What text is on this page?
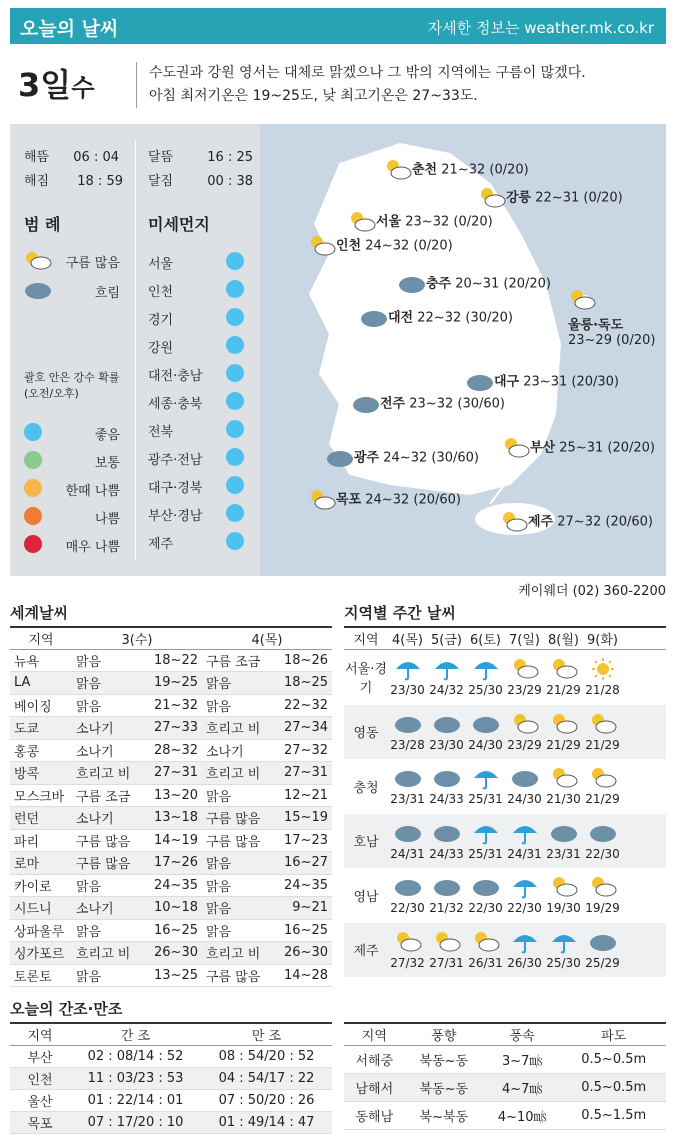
오늘의 날씨	자세한 정보는 weather.mk.co.kr
3일수
수도권과 강원 영서는 대체로 맑겠으나 그 밖의 지역에는 구름이 많겠다.
아침 최저기온은 19~25도, 낮 최고기온은 27~33도.
해뜸 06 : 04
해짐 18 : 59
달뜸	16 : 25
달짐	00 : 38
범 례
구름 많음
흐림
괄호 안은 강수 확률
(오전/오후)
좋음
보통
한때 나쁨
나쁨
매우 나쁨
미세먼지
서울
인천
경기
강원
대전·충남
세종·충북
전북
광주·전남
대구·경북
부산·경남
제주
춘천 21~32 (0/20)
강릉 22~31 (0/20)
서울 23~32 (0/20)
인천 24~32 (0/20)
충주 20~31 (20/20)
울릉·독도
23~29 (0/20)
대전 22~32 (30/20)
대구 23~31 (20/30)
전주 23~32 (30/60)
부산 25~31 (20/20)
광주 24~32 (30/60)
목포 24~32 (20/60)
제주 27~32 (20/60)
케이웨더 (02) 360-2200
세계날씨
지역	3(수)		4(목)	
뉴욕	맑음	18~22	구름 조금	18~26
LA	맑음	19~25	맑음	18~25
베이징	맑음	21~32	맑음	22~32
도쿄	소나기	27~33	흐리고 비	27~34
홍콩	소나기	28~32	소나기	27~32
방콕	흐리고 비	27~31	흐리고 비	27~31
모스크바	구름 조금	13~20	맑음	12~21
런던	소나기	13~18	구름 많음	15~19
파리	구름 많음	14~19	구름 많음	17~23
로마	구름 많음	17~26	맑음	16~27
카이로	맑음	24~35	맑음	24~35
시드니	소나기	10~18	맑음	9~21
상파울루	맑음	16~25	맑음	16~25
싱가포르	흐리고 비	26~30	흐리고 비	26~30
토론토	맑음	13~25	구름 많음	14~28
지역별 주간 날씨
지역	4(목) 5(금) 6(토) 7(일) 8(월) 9(화)
서울·경기	23/30 24/32 25/30 23/29 21/29 21/28
영동
23/28 23/30 24/30 23/29 21/29 21/29
충청
23/31 24/33 25/31 24/30 21/30 21/29
호남
24/31 24/33 25/31 24/31 23/31 22/30
영남
22/30 21/32 22/30 22/30 19/30 19/29
제주
27/32 27/31 26/31 26/30 25/30 25/29
오늘의 간조·만조
지역	간 조	만 조
부산	02 : 08/14 : 52	08 : 54/20 : 52
인천	11 : 03/23 : 53	04 : 54/17 : 22
울산	01 : 22/14 : 01	07 : 50/20 : 26
목포	07 : 17/20 : 10	01 : 49/14 : 47
지역	풍향	풍속	파도
서해중	북동~동	3~7㎧	0.5~0.5m
남해서	북동~동	4~7㎧	0.5~0.5m
동해남	북~북동	4~10㎧	0.5~1.5m
